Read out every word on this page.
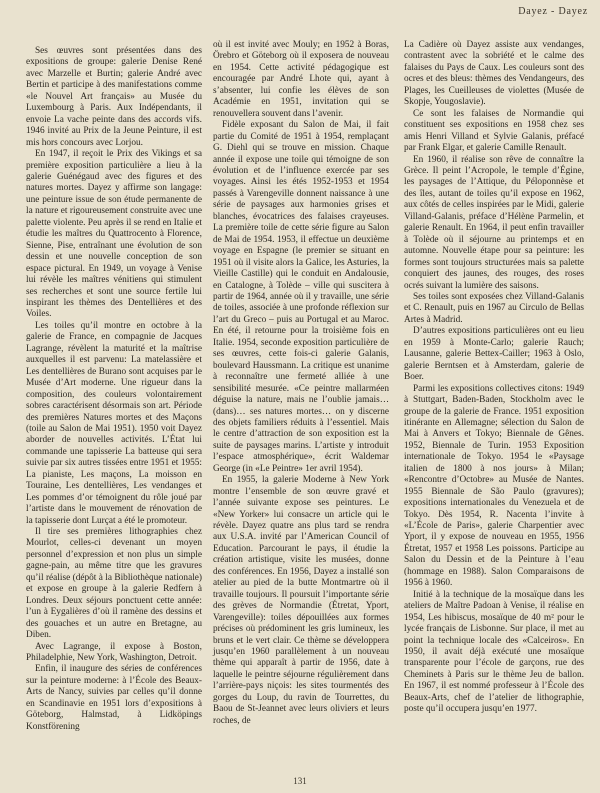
Dayez - Dayez

Ses œuvres sont présentées dans des expositions de groupe: galerie Denise René avec Marzelle et Burtin; galerie André avec Bertin et participe à des manifestations comme «le Nouvel Art français» au Musée du Luxembourg à Paris. Aux Indépendants, il envoie La vache peinte dans des accords vifs. 1946 invité au Prix de la Jeune Peinture, il est mis hors concours avec Lorjou.

En 1947, il reçoit le Prix des Vikings et sa première exposition particulière a lieu à la galerie Guénégaud avec des figures et des natures mortes. Dayez y affirme son langage: une peinture issue de son étude permanente de la nature et rigoureusement construite avec une palette violente. Peu après il se rend en Italie et étudie les maîtres du Quattrocento à Florence, Sienne, Pise, entraînant une évolution de son dessin et une nouvelle conception de son espace pictural. En 1949, un voyage à Venise lui révèle les maîtres vénitiens qui stimulent ses recherches et sont une source fertile lui inspirant les thèmes des Dentellières et des Voiles.

Les toiles qu’il montre en octobre à la galerie de France, en compagnie de Jacques Lagrange, révèlent la maturité et la maîtrise auxquelles il est parvenu: La matelassière et Les dentellières de Burano sont acquises par le Musée d’Art moderne. Une rigueur dans la composition, des couleurs volontairement sobres caractérisent désormais son art. Période des premières Natures mortes et des Maçons (toile au Salon de Mai 1951). 1950 voit Dayez aborder de nouvelles activités. L’État lui commande une tapisserie La batteuse qui sera suivie par six autres tissées entre 1951 et 1955: La pianiste, Les maçons, La moisson en Touraine, Les dentellières, Les vendanges et Les pommes d’or témoignent du rôle joué par l’artiste dans le mouvement de rénovation de la tapisserie dont Lurçat a été le promoteur.

Il tire ses premières lithographies chez Mourlot, celles-ci devenant un moyen personnel d’expression et non plus un simple gagne-pain, au même titre que les gravures qu’il réalise (dépôt à la Bibliothèque nationale) et expose en groupe à la galerie Redfern à Londres. Deux séjours ponctuent cette année: l’un à Eygalières d’où il ramène des dessins et des gouaches et un autre en Bretagne, au Diben.

Avec Lagrange, il expose à Boston, Philadelphie, New York, Washington, Detroit.

Enfin, il inaugure des séries de conférences sur la peinture moderne: à l’École des Beaux-Arts de Nancy, suivies par celles qu’il donne en Scandinavie en 1951 lors d’expositions à Göteborg, Halmstad, à Lidköpings Konstförening

où il est invité avec Mouly; en 1952 à Boras, Örebro et Göteborg où il exposera de nouveau en 1954. Cette activité pédagogique est encouragée par André Lhote qui, ayant à s’absenter, lui confie les élèves de son Académie en 1951, invitation qui se renouvellera souvent dans l’avenir.

Fidèle exposant du Salon de Mai, il fait partie du Comité de 1951 à 1954, remplaçant G. Diehl qui se trouve en mission. Chaque année il expose une toile qui témoigne de son évolution et de l’influence exercée par ses voyages. Ainsi les étés 1952-1953 et 1954 passés à Varengeville donnent naissance à une série de paysages aux harmonies grises et blanches, évocatrices des falaises crayeuses. La première toile de cette série figure au Salon de Mai de 1954. 1953, il effectue un deuxième voyage en Espagne (le premier se situant en 1951 où il visite alors la Galice, les Asturies, la Vieille Castille) qui le conduit en Andalousie, en Catalogne, à Tolède – ville qui suscitera à partir de 1964, année où il y travaille, une série de toiles, associée à une profonde réflexion sur l’art du Greco – puis au Portugal et au Maroc. En été, il retourne pour la troisième fois en Italie. 1954, seconde exposition particulière de ses œuvres, cette fois-ci galerie Galanis, boulevard Haussmann. La critique est unanime à reconnaître une fermeté alliée à une sensibilité mesurée. «Ce peintre mallarméen déguise la nature, mais ne l’oublie jamais… (dans)… ses natures mortes… on y discerne des objets familiers réduits à l’essentiel. Mais le centre d’attraction de son exposition est la suite de paysages marins. L’artiste y introduit l’espace atmosphérique», écrit Waldemar George (in «Le Peintre» 1er avril 1954).

En 1955, la galerie Moderne à New York montre l’ensemble de son œuvre gravé et l’année suivante expose ses peintures. Le «New Yorker» lui consacre un article qui le révèle. Dayez quatre ans plus tard se rendra aux U.S.A. invité par l’American Council of Education. Parcourant le pays, il étudie la création artistique, visite les musées, donne des conférences. En 1956, Dayez a installé son atelier au pied de la butte Montmartre où il travaille toujours. Il poursuit l’importante série des grèves de Normandie (Étretat, Yport, Varengeville): toiles dépouillées aux formes précises où prédominent les gris lumineux, les bruns et le vert clair. Ce thème se développera jusqu’en 1960 parallèlement à un nouveau thème qui apparaît à partir de 1956, date à laquelle le peintre séjourne régulièrement dans l’arrière-pays niçois: les sites tourmentés des gorges du Loup, du ravin de Tourrettes, du Baou de St-Jeannet avec leurs oliviers et leurs roches, de

La Cadière où Dayez assiste aux vendanges, contrastent avec la sobriété et le calme des falaises du Pays de Caux. Les couleurs sont des ocres et des bleus: thèmes des Vendangeurs, des Plages, les Cueilleuses de violettes (Musée de Skopje, Yougoslavie).

Ce sont les falaises de Normandie qui constituent ses expositions en 1958 chez ses amis Henri Villand et Sylvie Galanis, préfacé par Frank Elgar, et galerie Camille Renault.

En 1960, il réalise son rêve de connaître la Grèce. Il peint l’Acropole, le temple d’Égine, les paysages de l’Attique, du Péloponnèse et des îles, autant de toiles qu’il expose en 1962, aux côtés de celles inspirées par le Midi, galerie Villand-Galanis, préface d’Hélène Parmelin, et galerie Renault. En 1964, il peut enfin travailler à Tolède où il séjourne au printemps et en automne. Nouvelle étape pour sa peinture: les formes sont toujours structurées mais sa palette conquiert des jaunes, des rouges, des roses ocrés suivant la lumière des saisons.

Ses toiles sont exposées chez Villand-Galanis et C. Renault, puis en 1967 au Circulo de Bellas Artes à Madrid.

D’autres expositions particulières ont eu lieu en 1959 à Monte-Carlo; galerie Rauch; Lausanne, galerie Bettex-Cailler; 1963 à Oslo, galerie Berntsen et à Amsterdam, galerie de Boer.

Parmi les expositions collectives citons: 1949 à Stuttgart, Baden-Baden, Stockholm avec le groupe de la galerie de France. 1951 exposition itinérante en Allemagne; sélection du Salon de Mai à Anvers et Tokyo; Biennale de Gênes. 1952, Biennale de Turin. 1953 Exposition internationale de Tokyo. 1954 le «Paysage italien de 1800 à nos jours» à Milan; «Rencontre d’Octobre» au Musée de Nantes. 1955 Biennale de São Paulo (gravures); expositions internationales du Venezuela et de Tokyo. Dès 1954, R. Nacenta l’invite à «L’École de Paris», galerie Charpentier avec Yport, il y expose de nouveau en 1955, 1956 Étretat, 1957 et 1958 Les poissons. Participe au Salon du Dessin et de la Peinture à l’eau (hommage en 1988). Salon Comparaisons de 1956 à 1960.

Initié à la technique de la mosaïque dans les ateliers de Maître Padoan à Venise, il réalise en 1954, Les hibiscus, mosaïque de 40 m² pour le lycée français de Lisbonne. Sur place, il met au point la technique locale des «Calceiros». En 1950, il avait déjà exécuté une mosaïque transparente pour l’école de garçons, rue des Cheminets à Paris sur le thème Jeu de ballon. En 1967, il est nommé professeur à l’École des Beaux-Arts, chef de l’atelier de lithographie, poste qu’il occupera jusqu’en 1977.

131
